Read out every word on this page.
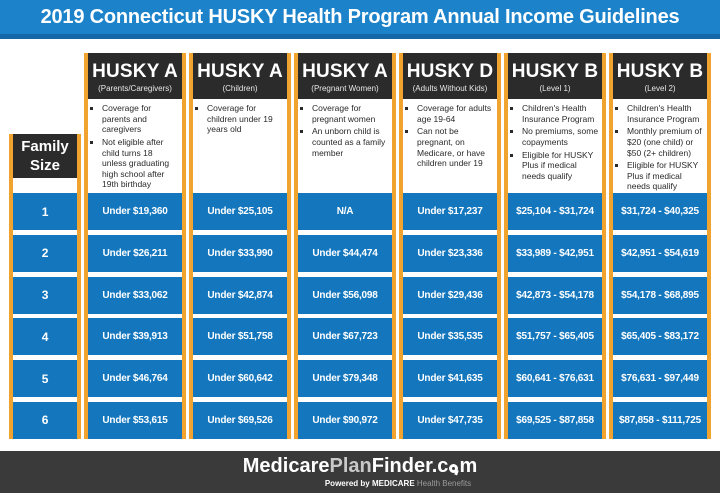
2019 Connecticut HUSKY Health Program Annual Income Guidelines
Family Size
1
2
3
4
5
6
HUSKY A
(Parents/Caregivers)
▪ Coverage for parents and caregivers
▪ Not eligible after child turns 18 unless graduating high school after 19th birthday
Under $19,360
Under $26,211
Under $33,062
Under $39,913
Under $46,764
Under $53,615
HUSKY A
(Children)
▪ Coverage for children under 19 years old
Under $25,105
Under $33,990
Under $42,874
Under $51,758
Under $60,642
Under $69,526
HUSKY A
(Pregnant Women)
▪ Coverage for pregnant women
▪ An unborn child is counted as a family member
N/A
Under $44,474
Under $56,098
Under $67,723
Under $79,348
Under $90,972
HUSKY D
(Adults Without Kids)
▪ Coverage for adults age 19-64
▪ Can not be pregnant, on Medicare, or have children under 19
Under $17,237
Under $23,336
Under $29,436
Under $35,535
Under $41,635
Under $47,735
HUSKY B
(Level 1)
▪ Children's Health Insurance Program
▪ No premiums, some copayments
▪ Eligible for HUSKY Plus if medical needs qualify
$25,104 - $31,724
$33,989 - $42,951
$42,873 - $54,178
$51,757 - $65,405
$60,641 - $76,631
$69,525 - $87,858
HUSKY B
(Level 2)
▪ Children's Health Insurance Program
▪ Monthly premium of $20 (one child) or $50 (2+ children)
▪ Eligible for HUSKY Plus if medical needs qualify
$31,724 - $40,325
$42,951 - $54,619
$54,178 - $68,895
$65,405 - $83,172
$76,631 - $97,449
$87,858 - $111,725
MedicarePlanFinder.c m
Powered by MEDICARE Health Benefits
